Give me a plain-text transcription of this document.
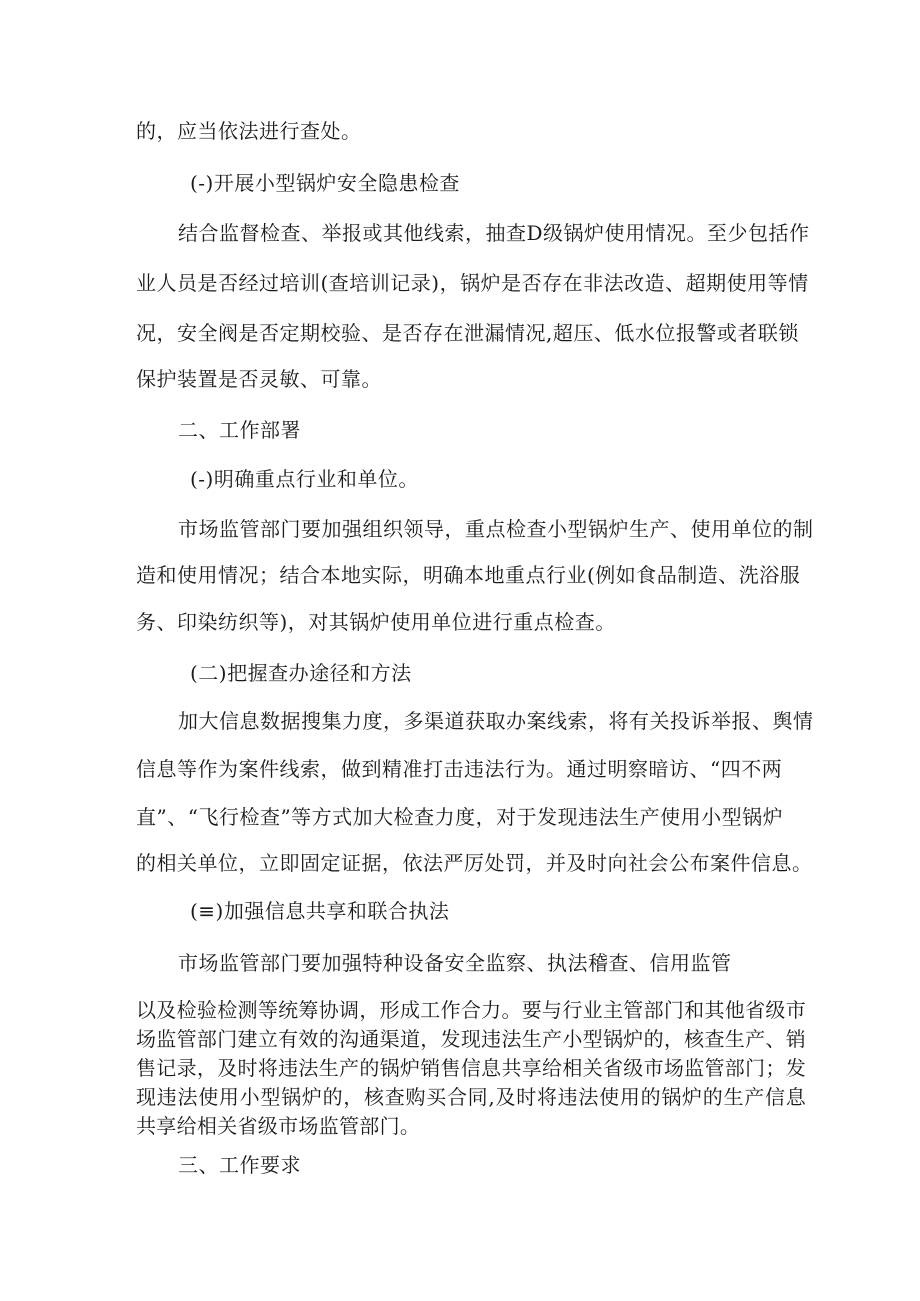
的，应当依法进行查处。
(-)开展小型锅炉安全隐患检查
结合监督检查、举报或其他线索，抽查D级锅炉使用情况。至少包括作
业人员是否经过培训(查培训记录)，锅炉是否存在非法改造、超期使用等情
况，安全阀是否定期校验、是否存在泄漏情况,超压、低水位报警或者联锁
保护装置是否灵敏、可靠。
二、工作部署
(-)明确重点行业和单位。
市场监管部门要加强组织领导，重点检查小型锅炉生产、使用单位的制
造和使用情况；结合本地实际，明确本地重点行业(例如食品制造、洗浴服
务、印染纺织等)，对其锅炉使用单位进行重点检查。
(二)把握查办途径和方法
加大信息数据搜集力度，多渠道获取办案线索，将有关投诉举报、舆情
信息等作为案件线索，做到精准打击违法行为。通过明察暗访、“四不两
直”、“飞行检查”等方式加大检查力度，对于发现违法生产使用小型锅炉
的相关单位，立即固定证据，依法严厉处罚，并及时向社会公布案件信息。
(≡)加强信息共享和联合执法
市场监管部门要加强特种设备安全监察、执法稽查、信用监管
以及检验检测等统筹协调，形成工作合力。要与行业主管部门和其他省级市场监管部门建立有效的沟通渠道，发现违法生产小型锅炉的，核查生产、销售记录，及时将违法生产的锅炉销售信息共享给相关省级市场监管部门；发现违法使用小型锅炉的，核查购买合同,及时将违法使用的锅炉的生产信息共享给相关省级市场监管部门。
三、工作要求
